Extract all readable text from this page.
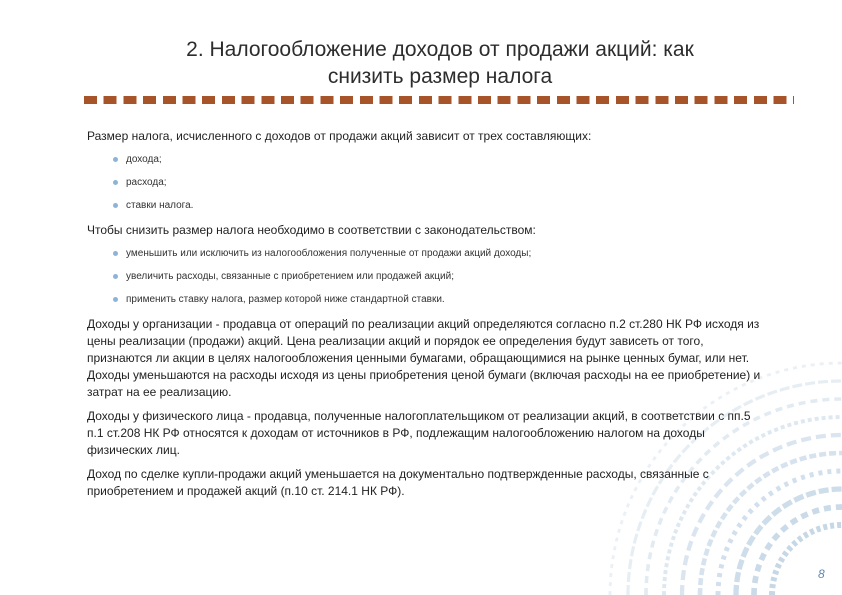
2. Налогообложение доходов от продажи акций: как
снизить размер налога
Размер налога, исчисленного с доходов от продажи акций зависит от трех составляющих:
дохода;
расхода;
ставки налога.
Чтобы снизить размер налога необходимо в соответствии с законодательством:
уменьшить или исключить из налогообложения полученные от продажи акций доходы;
увеличить расходы, связанные с приобретением или продажей акций;
применить ставку налога, размер которой ниже стандартной ставки.
Доходы у организации - продавца от операций по реализации акций определяются согласно п.2 ст.280 НК РФ исходя из цены реализации (продажи) акций. Цена реализации акций и порядок ее определения будут зависеть от того, признаются ли акции в целях налогообложения ценными бумагами, обращающимися на рынке ценных бумаг, или нет. Доходы уменьшаются на расходы исходя из цены приобретения ценой бумаги (включая расходы на ее приобретение) и затрат на ее реализацию.
Доходы у физического лица - продавца, полученные налогоплательщиком от реализации акций, в соответствии с пп.5 п.1 ст.208 НК РФ относятся к доходам от источников в РФ, подлежащим налогообложению налогом на доходы физических лиц.
Доход по сделке купли-продажи акций уменьшается на документально подтвержденные расходы, связанные с приобретением и продажей акций (п.10 ст. 214.1 НК РФ).
8
